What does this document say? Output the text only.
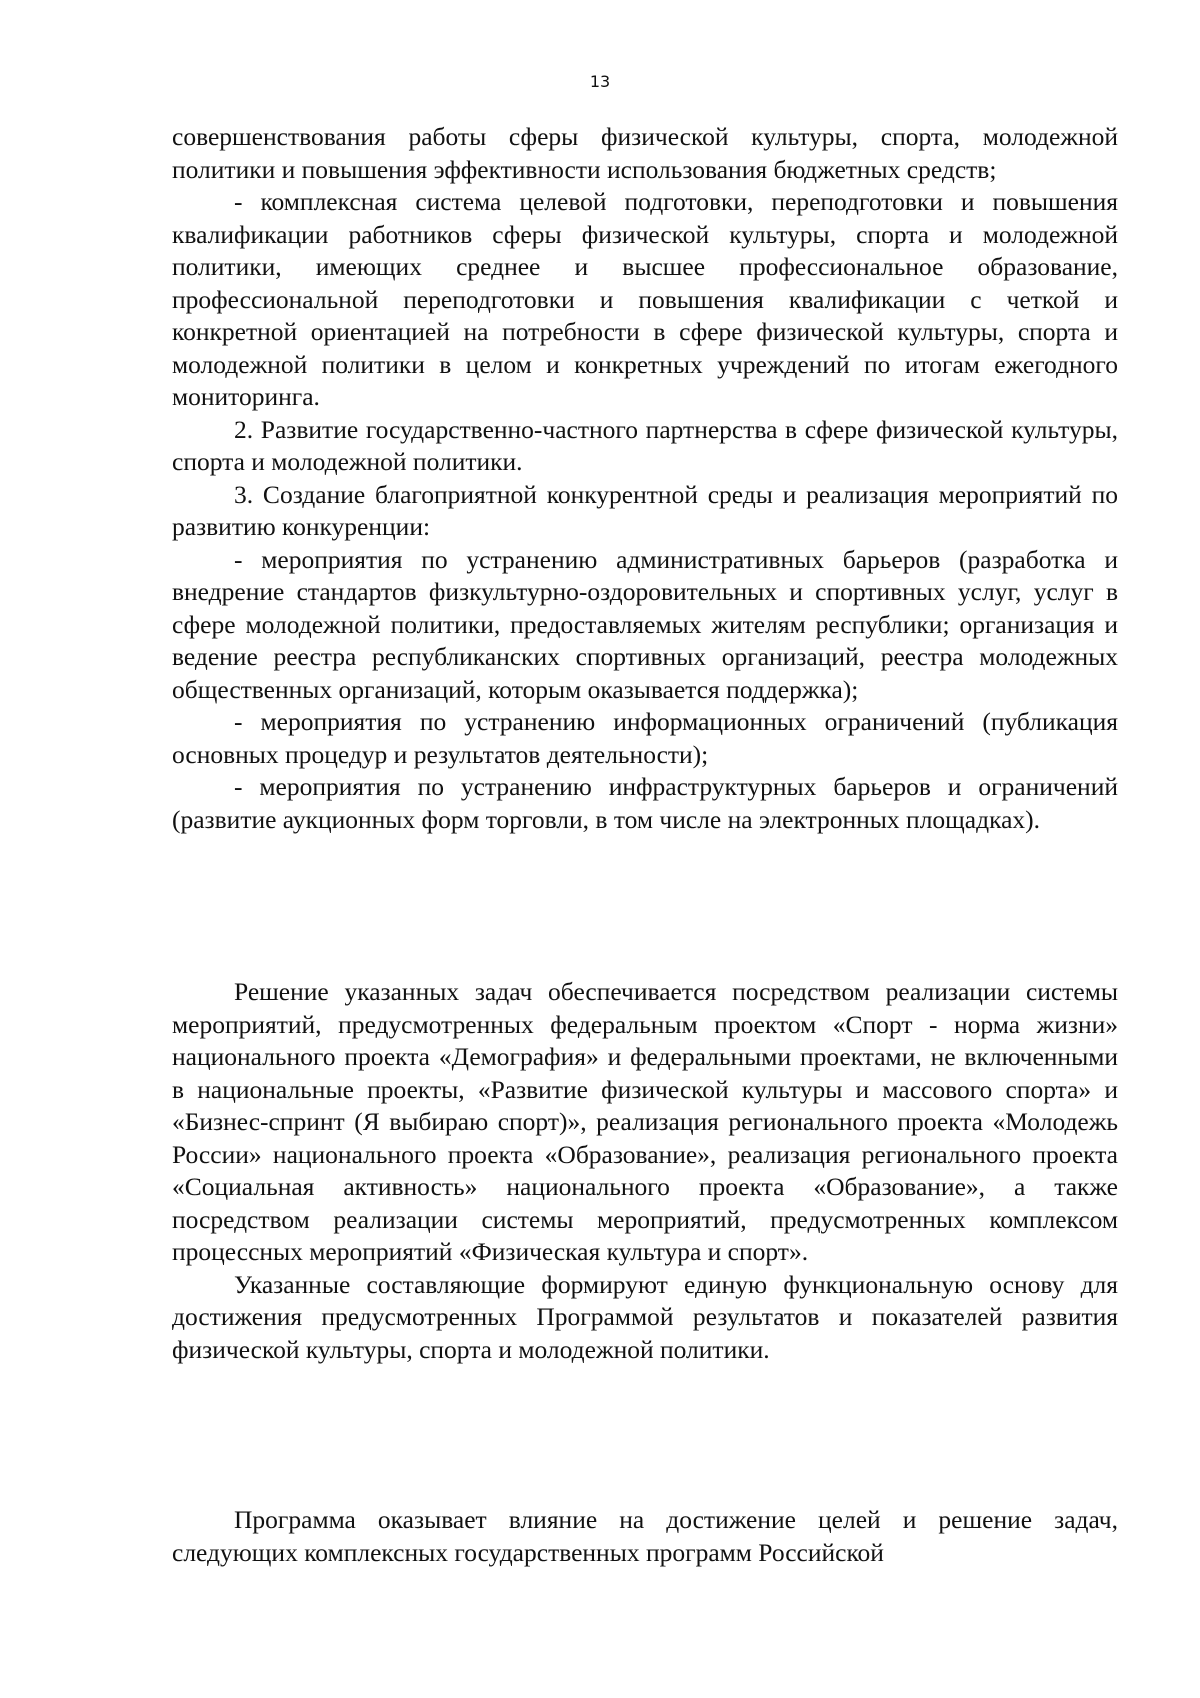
13

совершенствования работы сферы физической культуры, спорта, молодежной политики и повышения эффективности использования бюджетных средств;

- комплексная система целевой подготовки, переподготовки и повышения квалификации работников сферы физической культуры, спорта и молодежной политики, имеющих среднее и высшее профессиональное образование, профессиональной переподготовки и повышения квалификации с четкой и конкретной ориентацией на потребности в сфере физической культуры, спорта и молодежной политики в целом и конкретных учреждений по итогам ежегодного мониторинга.

2. Развитие государственно-частного партнерства в сфере физической культуры, спорта и молодежной политики.

3. Создание благоприятной конкурентной среды и реализация мероприятий по развитию конкуренции:

- мероприятия по устранению административных барьеров (разработка и внедрение стандартов физкультурно-оздоровительных и спортивных услуг, услуг в сфере молодежной политики, предоставляемых жителям республики; организация и ведение реестра республиканских спортивных организаций, реестра молодежных общественных организаций, которым оказывается поддержка);

- мероприятия по устранению информационных ограничений (публикация основных процедур и результатов деятельности);

- мероприятия по устранению инфраструктурных барьеров и ограничений (развитие аукционных форм торговли, в том числе на электронных площадках).

Решение указанных задач обеспечивается посредством реализации системы мероприятий, предусмотренных федеральным проектом «Спорт - норма жизни» национального проекта «Демография» и федеральными проектами, не включенными в национальные проекты, «Развитие физической культуры и массового спорта» и «Бизнес-спринт (Я выбираю спорт)», реализация регионального проекта «Молодежь России» национального проекта «Образование», реализация регионального проекта «Социальная активность» национального проекта «Образование», а также посредством реализации системы мероприятий, предусмотренных комплексом процессных мероприятий «Физическая культура и спорт».

Указанные составляющие формируют единую функциональную основу для достижения предусмотренных Программой результатов и показателей развития физической культуры, спорта и молодежной политики.

Программа оказывает влияние на достижение целей и решение задач, следующих комплексных государственных программ Российской
